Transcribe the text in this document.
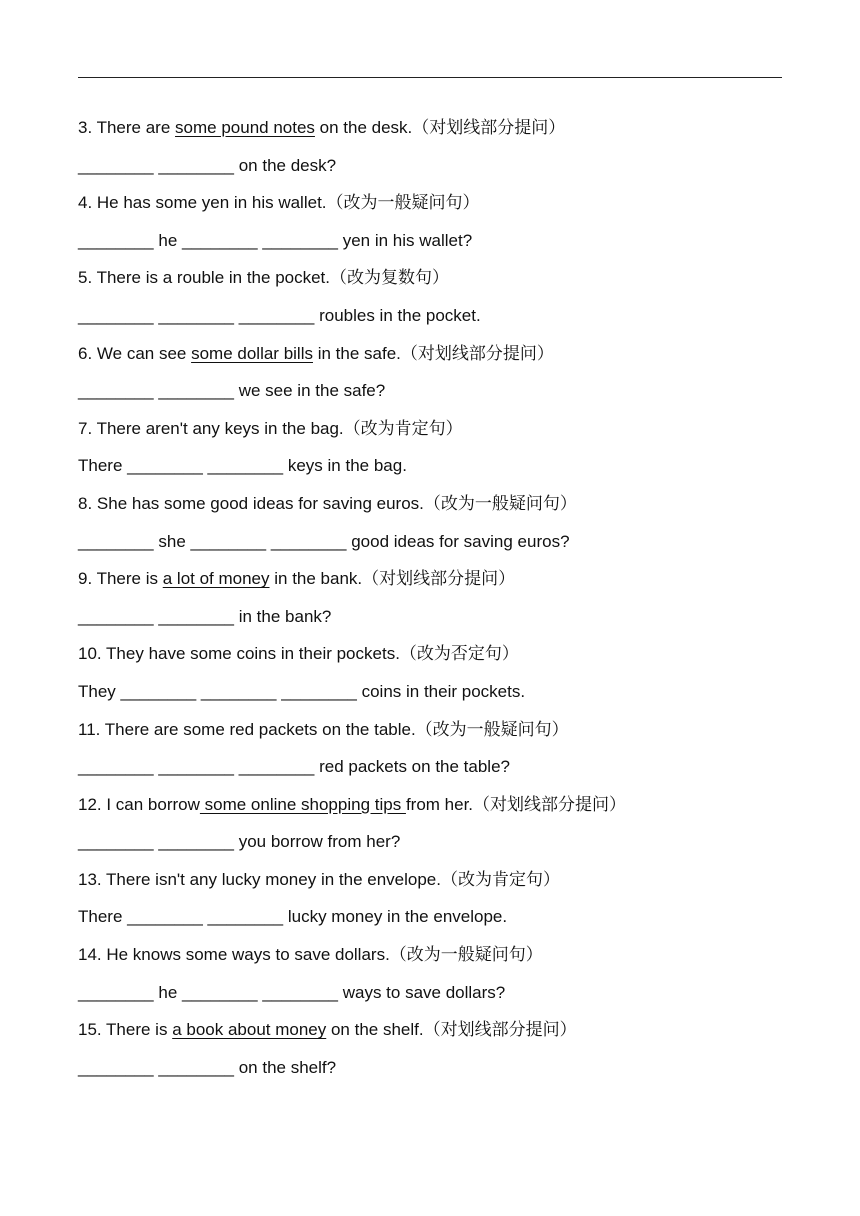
3. There are some pound notes on the desk.（对划线部分提问）
________ ________ on the desk?
4. He has some yen in his wallet.（改为一般疑问句）
________ he ________ ________ yen in his wallet?
5. There is a rouble in the pocket.（改为复数句）
________ ________ ________ roubles in the pocket.
6. We can see some dollar bills in the safe.（对划线部分提问）
________ ________ we see in the safe?
7. There aren't any keys in the bag.（改为肯定句）
There ________ ________ keys in the bag.
8. She has some good ideas for saving euros.（改为一般疑问句）
________ she ________ ________ good ideas for saving euros?
9. There is a lot of money in the bank.（对划线部分提问）
________ ________ in the bank?
10. They have some coins in their pockets.（改为否定句）
They ________ ________ ________ coins in their pockets.
11. There are some red packets on the table.（改为一般疑问句）
________ ________ ________ red packets on the table?
12. I can borrow some online shopping tips from her.（对划线部分提问）
________ ________ you borrow from her?
13. There isn't any lucky money in the envelope.（改为肯定句）
There ________ ________ lucky money in the envelope.
14. He knows some ways to save dollars.（改为一般疑问句）
________ he ________ ________ ways to save dollars?
15. There is a book about money on the shelf.（对划线部分提问）
________ ________ on the shelf?
